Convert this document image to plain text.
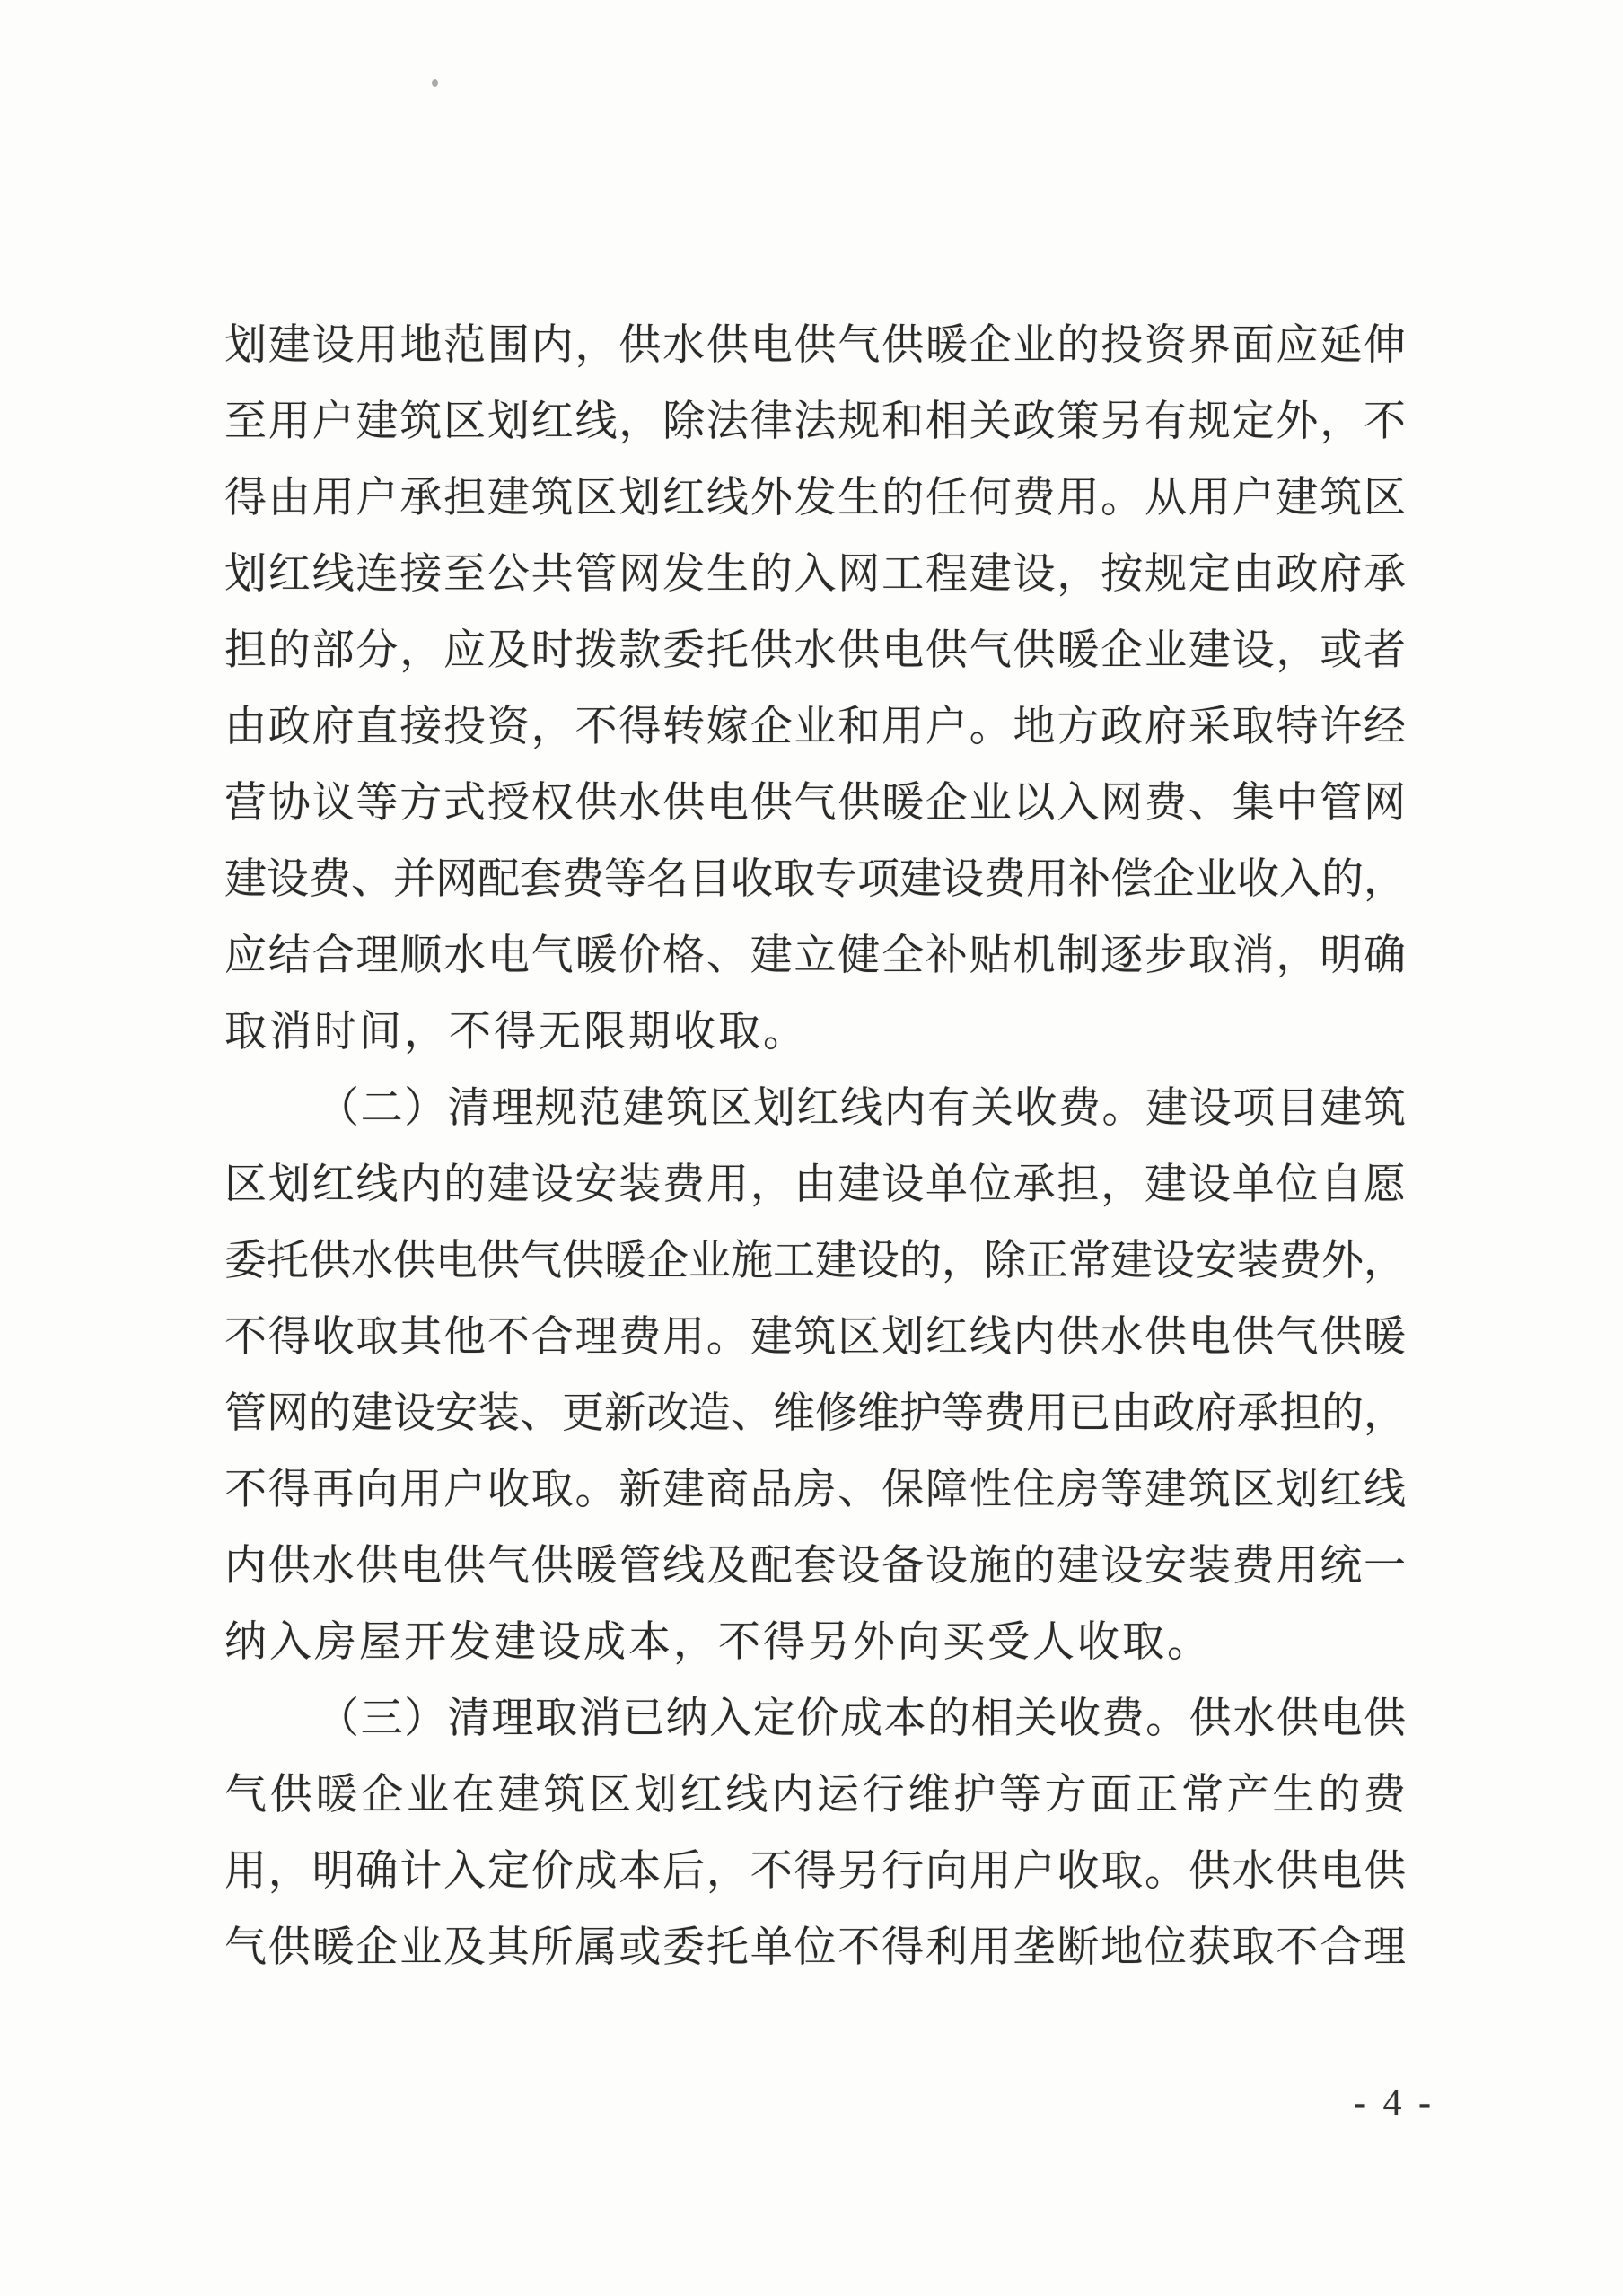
划建设用地范围内，供水供电供气供暖企业的投资界面应延伸
至用户建筑区划红线，除法律法规和相关政策另有规定外，不
得由用户承担建筑区划红线外发生的任何费用。从用户建筑区
划红线连接至公共管网发生的入网工程建设，按规定由政府承
担的部分，应及时拨款委托供水供电供气供暖企业建设，或者
由政府直接投资，不得转嫁企业和用户。地方政府采取特许经
营协议等方式授权供水供电供气供暖企业以入网费、集中管网
建设费、并网配套费等名目收取专项建设费用补偿企业收入的，
应结合理顺水电气暖价格、建立健全补贴机制逐步取消，明确
取消时间，不得无限期收取。
（二）清理规范建筑区划红线内有关收费。建设项目建筑
区划红线内的建设安装费用，由建设单位承担，建设单位自愿
委托供水供电供气供暖企业施工建设的，除正常建设安装费外，
不得收取其他不合理费用。建筑区划红线内供水供电供气供暖
管网的建设安装、更新改造、维修维护等费用已由政府承担的，
不得再向用户收取。新建商品房、保障性住房等建筑区划红线
内供水供电供气供暖管线及配套设备设施的建设安装费用统一
纳入房屋开发建设成本，不得另外向买受人收取。
（三）清理取消已纳入定价成本的相关收费。供水供电供
气供暖企业在建筑区划红线内运行维护等方面正常产生的费
用，明确计入定价成本后，不得另行向用户收取。供水供电供
气供暖企业及其所属或委托单位不得利用垄断地位获取不合理
- 4 -
